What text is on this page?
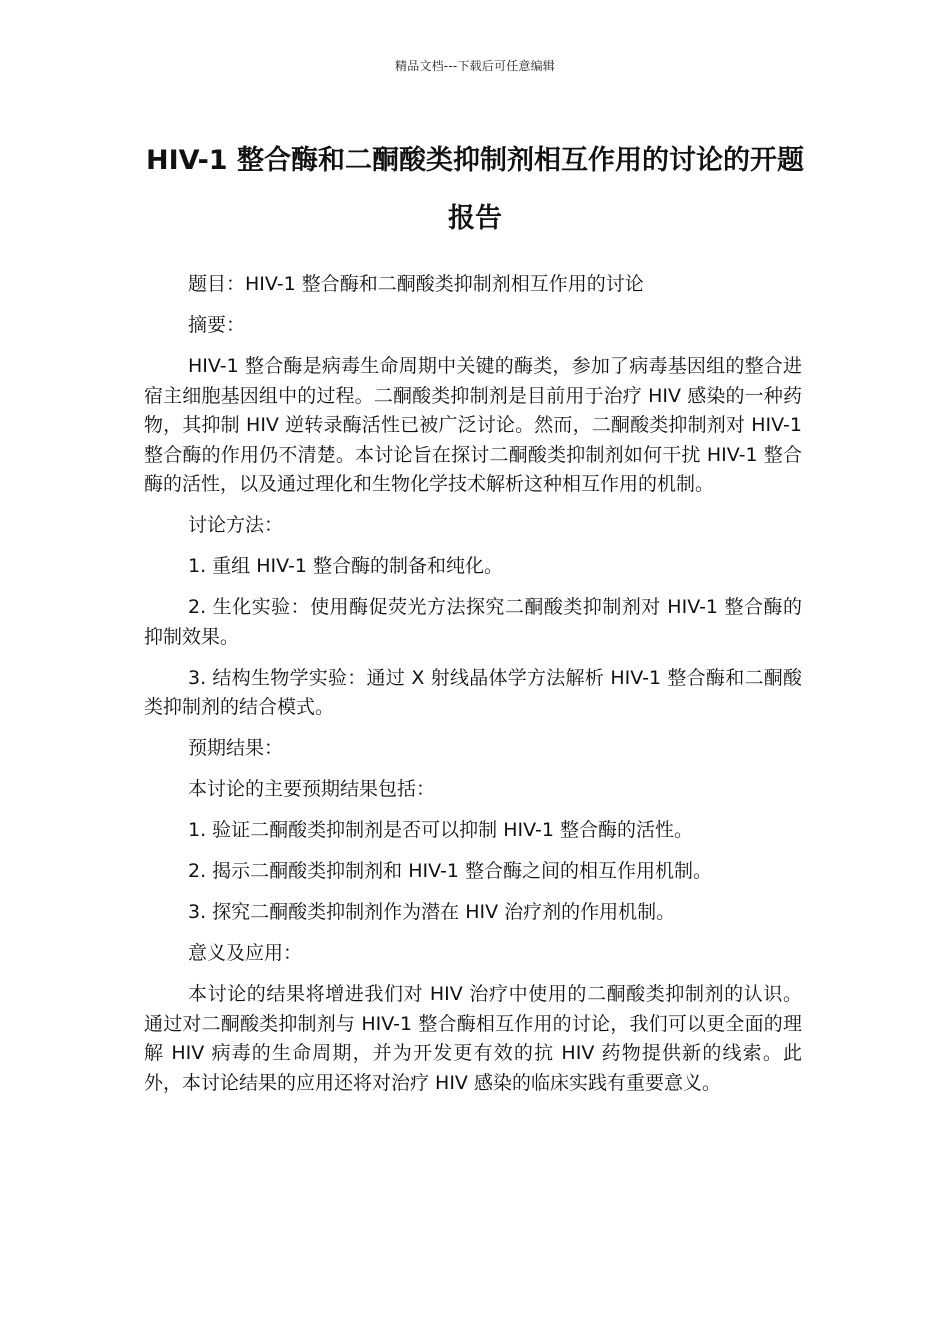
精品文档---下载后可任意编辑
HIV-1 整合酶和二酮酸类抑制剂相互作用的讨论的开题报告

题目：HIV-1 整合酶和二酮酸类抑制剂相互作用的讨论

摘要：

HIV-1 整合酶是病毒生命周期中关键的酶类，参加了病毒基因组的整合进宿主细胞基因组中的过程。二酮酸类抑制剂是目前用于治疗 HIV 感染的一种药物，其抑制 HIV 逆转录酶活性已被广泛讨论。然而，二酮酸类抑制剂对 HIV-1 整合酶的作用仍不清楚。本讨论旨在探讨二酮酸类抑制剂如何干扰 HIV-1 整合酶的活性，以及通过理化和生物化学技术解析这种相互作用的机制。

讨论方法：

1. 重组 HIV-1 整合酶的制备和纯化。

2. 生化实验：使用酶促荧光方法探究二酮酸类抑制剂对 HIV-1 整合酶的抑制效果。

3. 结构生物学实验：通过 X 射线晶体学方法解析 HIV-1 整合酶和二酮酸类抑制剂的结合模式。

预期结果：

本讨论的主要预期结果包括：

1. 验证二酮酸类抑制剂是否可以抑制 HIV-1 整合酶的活性。

2. 揭示二酮酸类抑制剂和 HIV-1 整合酶之间的相互作用机制。

3. 探究二酮酸类抑制剂作为潜在 HIV 治疗剂的作用机制。

意义及应用：

本讨论的结果将增进我们对 HIV 治疗中使用的二酮酸类抑制剂的认识。通过对二酮酸类抑制剂与 HIV-1 整合酶相互作用的讨论，我们可以更全面的理解 HIV 病毒的生命周期，并为开发更有效的抗 HIV 药物提供新的线索。此外，本讨论结果的应用还将对治疗 HIV 感染的临床实践有重要意义。
